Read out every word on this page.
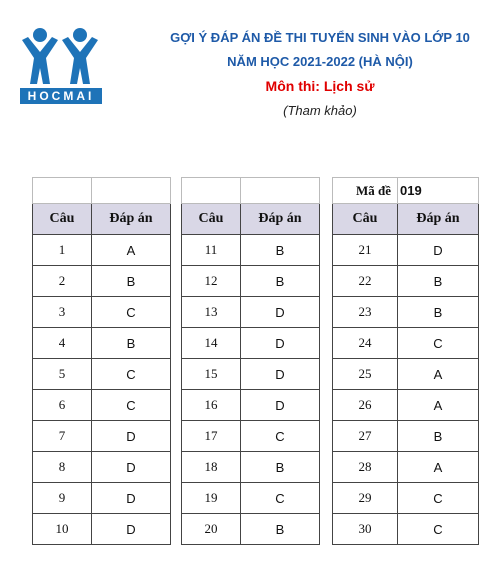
HOCMAI
GỢI Ý ĐÁP ÁN ĐỀ THI TUYỂN SINH VÀO LỚP 10
NĂM HỌC 2021-2022 (HÀ NỘI)
Môn thi: Lịch sử
(Tham khảo)

Câu	Đáp án
1	A
2	B
3	C
4	B
5	C
6	C
7	D
8	D
9	D
10	D

Câu	Đáp án
11	B
12	B
13	D
14	D
15	D
16	D
17	C
18	B
19	C
20	B
Mã đề	019
Câu	Đáp án
21	D
22	B
23	B
24	C
25	A
26	A
27	B
28	A
29	C
30	C
